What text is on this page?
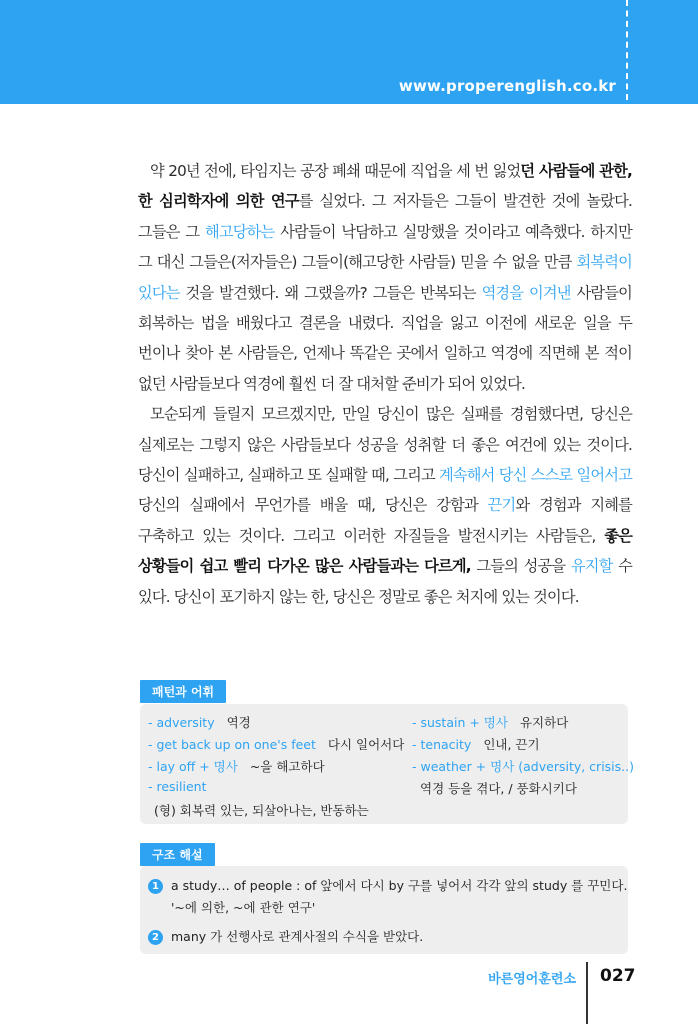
www.properenglish.co.kr

약 20년 전에, 타임지는 공장 폐쇄 때문에 직업을 세 번 잃었던 사람들에 관한, 한 심리학자에 의한 연구를 실었다. 그 저자들은 그들이 발견한 것에 놀랐다. 그들은 그 해고당하는 사람들이 낙담하고 실망했을 것이라고 예측했다. 하지만 그 대신 그들은(저자들은) 그들이(해고당한 사람들) 믿을 수 없을 만큼 회복력이 있다는 것을 발견했다. 왜 그랬을까? 그들은 반복되는 역경을 이겨낸 사람들이 회복하는 법을 배웠다고 결론을 내렸다. 직업을 잃고 이전에 새로운 일을 두 번이나 찾아 본 사람들은, 언제나 똑같은 곳에서 일하고 역경에 직면해 본 적이 없던 사람들보다 역경에 훨씬 더 잘 대처할 준비가 되어 있었다.

모순되게 들릴지 모르겠지만, 만일 당신이 많은 실패를 경험했다면, 당신은 실제로는 그렇지 않은 사람들보다 성공을 성취할 더 좋은 여건에 있는 것이다. 당신이 실패하고, 실패하고 또 실패할 때, 그리고 계속해서 당신 스스로 일어서고 당신의 실패에서 무언가를 배울 때, 당신은 강함과 끈기와 경험과 지혜를 구축하고 있는 것이다. 그리고 이러한 자질들을 발전시키는 사람들은, 좋은 상황들이 쉽고 빨리 다가온 많은 사람들과는 다르게, 그들의 성공을 유지할 수 있다. 당신이 포기하지 않는 한, 당신은 정말로 좋은 처지에 있는 것이다.

패턴과 어휘
- adversity 역경
- get back up on one's feet 다시 일어서다
- lay off + 명사 ~을 해고하다
- resilient
(형) 회복력 있는, 되살아나는, 반동하는
- sustain + 명사 유지하다
- tenacity 인내, 끈기
- weather + 명사 (adversity, crisis..)
역경 등을 겪다, / 풍화시키다
구조 해설
1 a study… of people : of 앞에서 다시 by 구를 넣어서 각각 앞의 study 를 꾸민다.
'~에 의한, ~에 관한 연구'
2 many 가 선행사로 관계사절의 수식을 받았다.
바른영어훈련소 027
